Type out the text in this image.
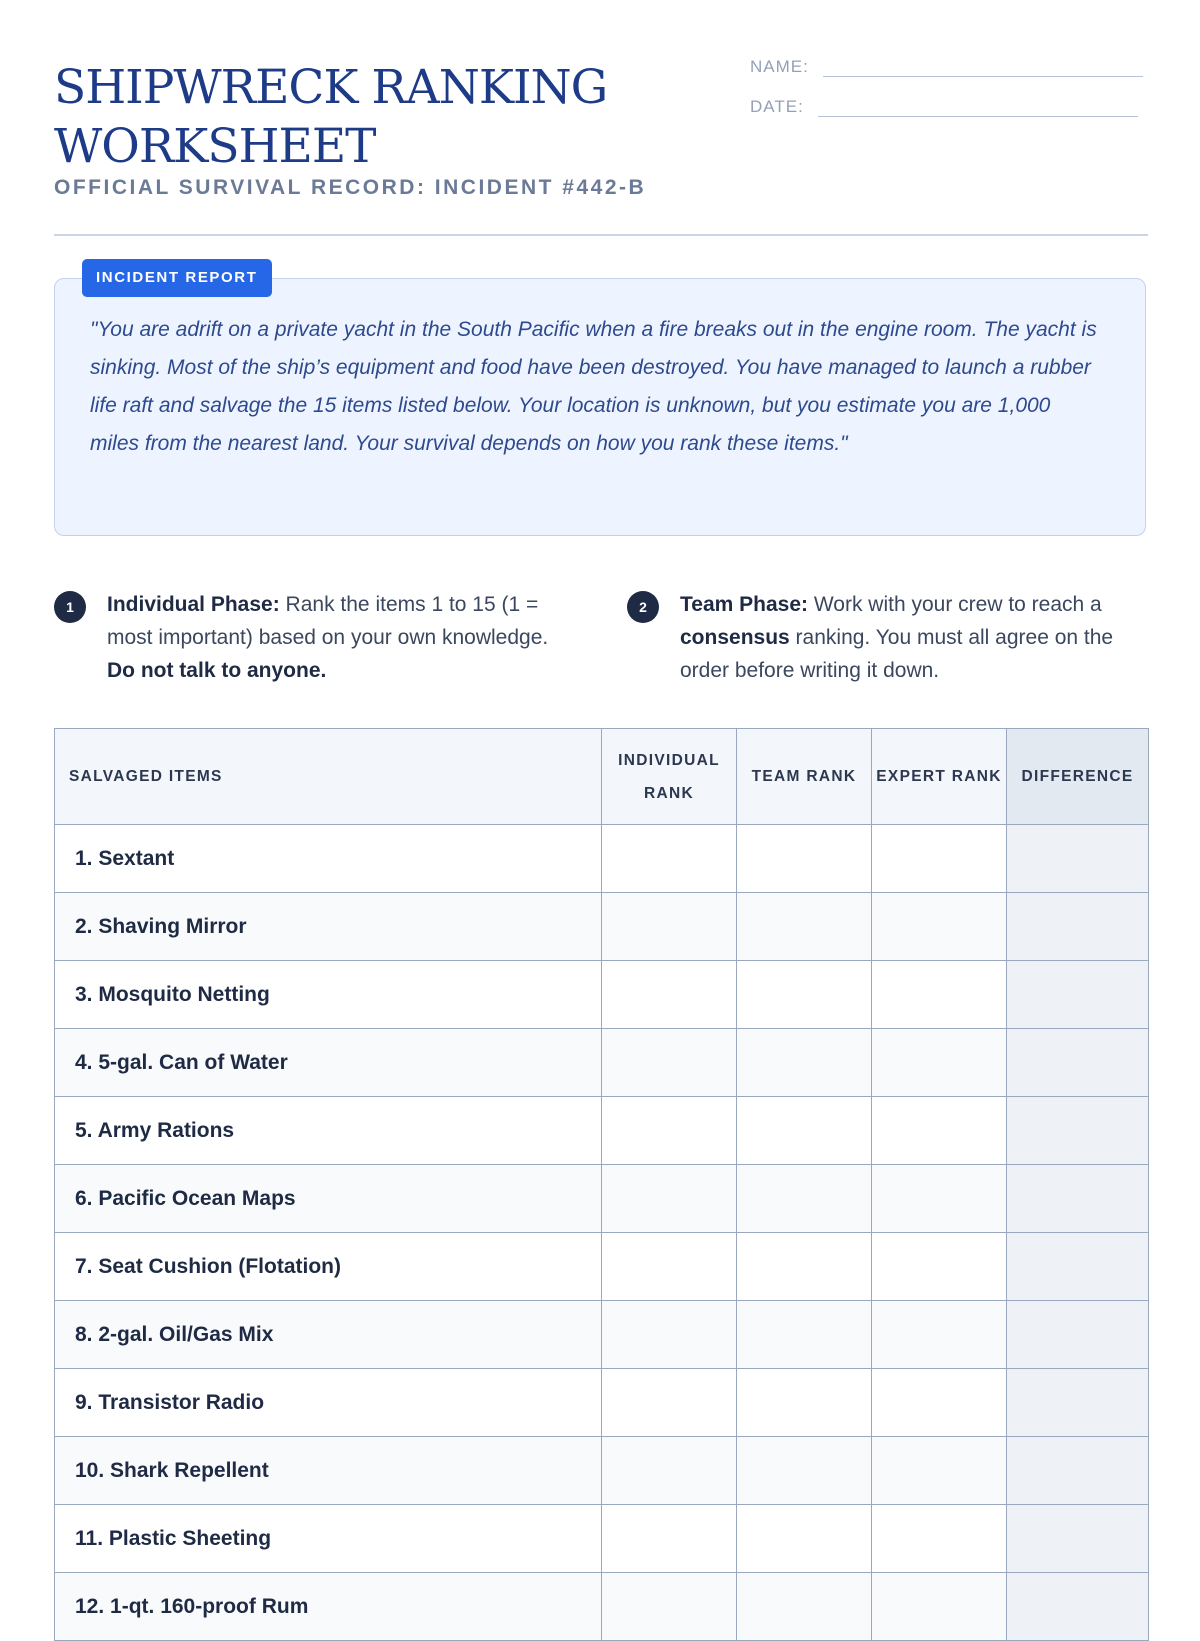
SHIPWRECK RANKING WORKSHEET
OFFICIAL SURVIVAL RECORD: INCIDENT #442-B
NAME:
DATE:
INCIDENT REPORT

"You are adrift on a private yacht in the South Pacific when a fire breaks out in the engine room. The yacht is sinking. Most of the ship’s equipment and food have been destroyed. You have managed to launch a rubber life raft and salvage the 15 items listed below. Your location is unknown, but you estimate you are 1,000 miles from the nearest land. Your survival depends on how you rank these items."

1	Individual Phase: Rank the items 1 to 15 (1 = most important) based on your own knowledge. Do not talk to anyone.

2	Team Phase: Work with your crew to reach a consensus ranking. You must all agree on the order before writing it down.

SALVAGED ITEMS	INDIVIDUAL RANK	TEAM RANK	EXPERT RANK	DIFFERENCE
1. Sextant				
2. Shaving Mirror				
3. Mosquito Netting				
4. 5-gal. Can of Water				
5. Army Rations				
6. Pacific Ocean Maps				
7. Seat Cushion (Flotation)				
8. 2-gal. Oil/Gas Mix				
9. Transistor Radio				
10. Shark Repellent				
11. Plastic Sheeting				
12. 1-qt. 160-proof Rum				
